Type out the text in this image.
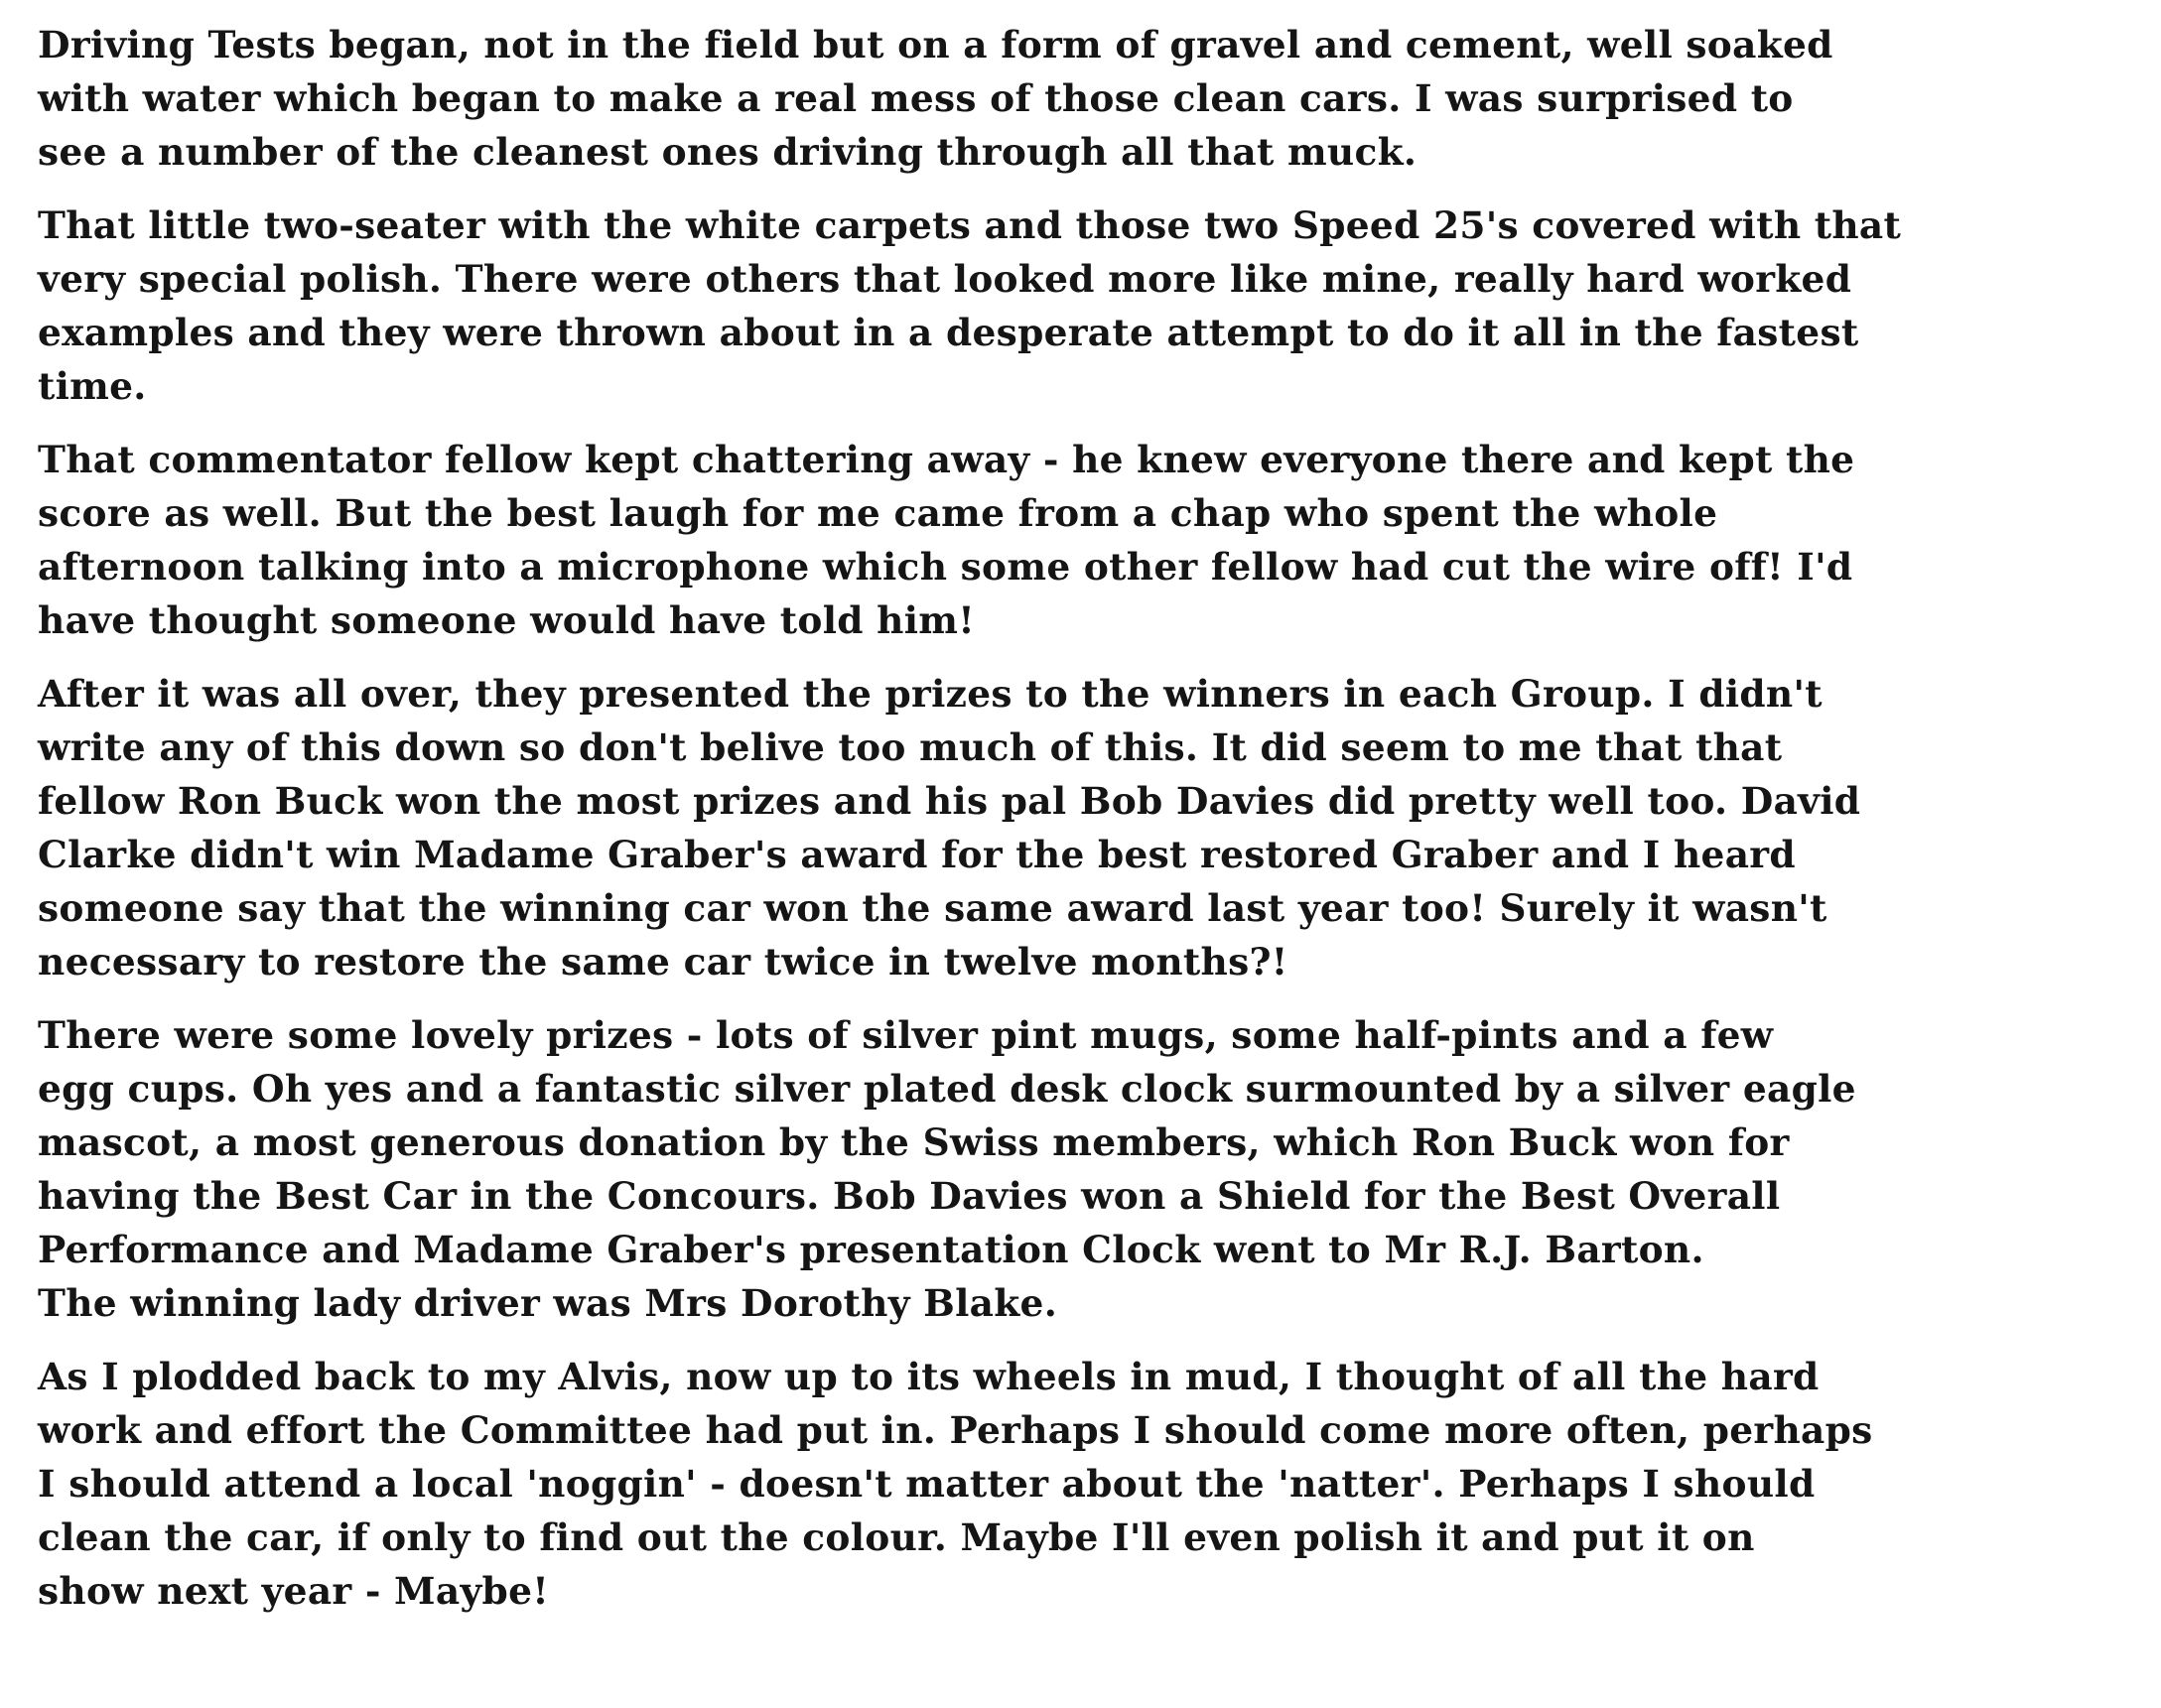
Driving Tests began, not in the field but on a form of gravel and cement, well soaked
with water which began to make a real mess of those clean cars. I was surprised to
see a number of the cleanest ones driving through all that muck.

That little two-seater with the white carpets and those two Speed 25's covered with that
very special polish. There were others that looked more like mine, really hard worked
examples and they were thrown about in a desperate attempt to do it all in the fastest
time.

That commentator fellow kept chattering away - he knew everyone there and kept the
score as well. But the best laugh for me came from a chap who spent the whole
afternoon talking into a microphone which some other fellow had cut the wire off! I'd
have thought someone would have told him!

After it was all over, they presented the prizes to the winners in each Group. I didn't
write any of this down so don't belive too much of this. It did seem to me that that
fellow Ron Buck won the most prizes and his pal Bob Davies did pretty well too. David
Clarke didn't win Madame Graber's award for the best restored Graber and I heard
someone say that the winning car won the same award last year too! Surely it wasn't
necessary to restore the same car twice in twelve months?!

There were some lovely prizes - lots of silver pint mugs, some half-pints and a few
egg cups. Oh yes and a fantastic silver plated desk clock surmounted by a silver eagle
mascot, a most generous donation by the Swiss members, which Ron Buck won for
having the Best Car in the Concours. Bob Davies won a Shield for the Best Overall
Performance and Madame Graber's presentation Clock went to Mr R.J. Barton.
The winning lady driver was Mrs Dorothy Blake.

As I plodded back to my Alvis, now up to its wheels in mud, I thought of all the hard
work and effort the Committee had put in. Perhaps I should come more often, perhaps
I should attend a local 'noggin' - doesn't matter about the 'natter'. Perhaps I should
clean the car, if only to find out the colour. Maybe I'll even polish it and put it on
show next year - Maybe!
